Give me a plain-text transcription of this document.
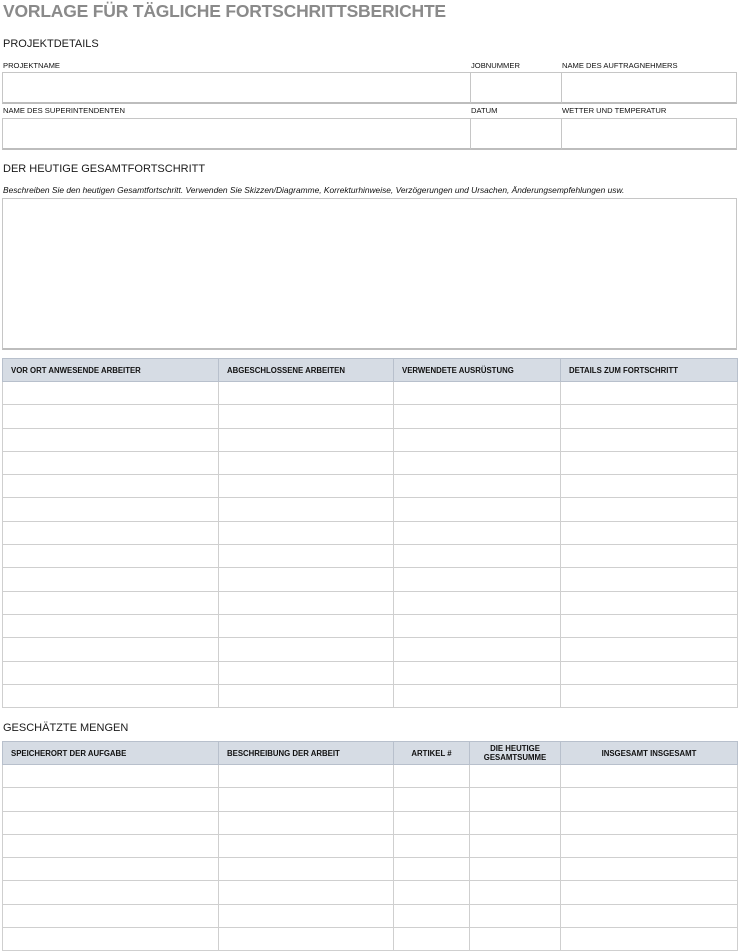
VORLAGE FÜR TÄGLICHE FORTSCHRITTSBERICHTE
PROJEKTDETAILS
PROJEKTNAME	JOBNUMMER	NAME DES AUFTRAGNEHMERS
NAME DES SUPERINTENDENTEN	DATUM	WETTER UND TEMPERATUR
DER HEUTIGE GESAMTFORTSCHRITT
Beschreiben Sie den heutigen Gesamtfortschritt. Verwenden Sie Skizzen/Diagramme, Korrekturhinweise, Verzögerungen und Ursachen, Änderungsempfehlungen usw.
VOR ORT ANWESENDE ARBEITER	ABGESCHLOSSENE ARBEITEN	VERWENDETE AUSRÜSTUNG	DETAILS ZUM FORTSCHRITT

GESCHÄTZTE MENGEN
SPEICHERORT DER AUFGABE	BESCHREIBUNG DER ARBEIT	ARTIKEL #	DIE HEUTIGE GESAMTSUMME	INSGESAMT INSGESAMT
